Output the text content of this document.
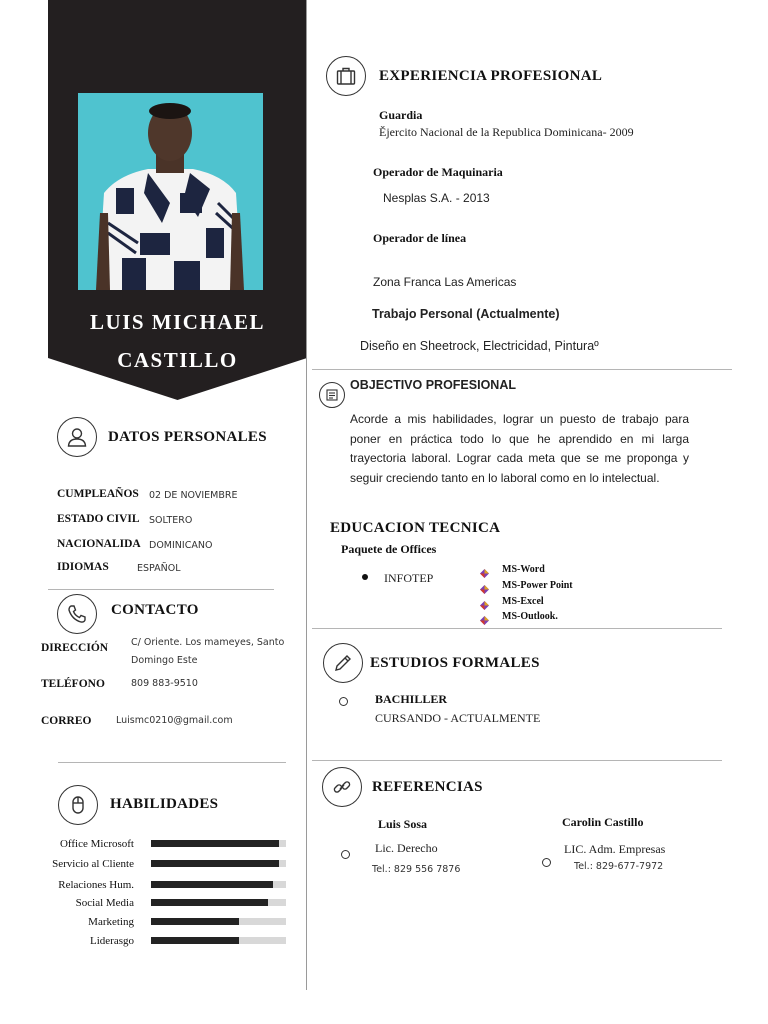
LUIS MICHAEL
CASTILLO
DATOS PERSONALES
CUMPLEAÑOS 02 DE NOVIEMBRE
ESTADO CIVIL SOLTERO
NACIONALIDA DOMINICANO
IDIOMAS	ESPAÑOL
CONTACTO
DIRECCIÓN C/ Oriente. Los mameyes, Santo
Domingo Este
TELÉFONO	809 883-9510
CORREO	Luismc0210@gmail.com
HABILIDADES
Office Microsoft
Servicio al Cliente
Relaciones Hum.
Social Media
Marketing
Liderasgo
EXPERIENCIA PROFESIONAL
Guardia
Ějercito Nacional de la Republica Dominicana- 2009
Operador de Maquinaria
Nesplas S.A. - 2013
Operador de línea
Zona Franca Las Americas
Trabajo Personal (Actualmente)
Diseño en Sheetrock, Electricidad, Pinturaº
OBJECTIVO PROFESIONAL
Acorde a mis habilidades, lograr un puesto de trabajo para poner en práctica todo lo que he aprendido en mi larga trayectoria laboral. Lograr cada meta que se me proponga y seguir creciendo tanto en lo laboral como en lo intelectual.
EDUCACION TECNICA
Paquete de Offices
INFOTEP
MS-Word
MS-Power Point
MS-Excel
MS-Outlook.
ESTUDIOS FORMALES
BACHILLER
CURSANDO - ACTUALMENTE
REFERENCIAS
Luis Sosa
Lic. Derecho
Tel.: 829 556 7876
Carolin Castillo
LIC. Adm. Empresas
Tel.: 829-677-7972
